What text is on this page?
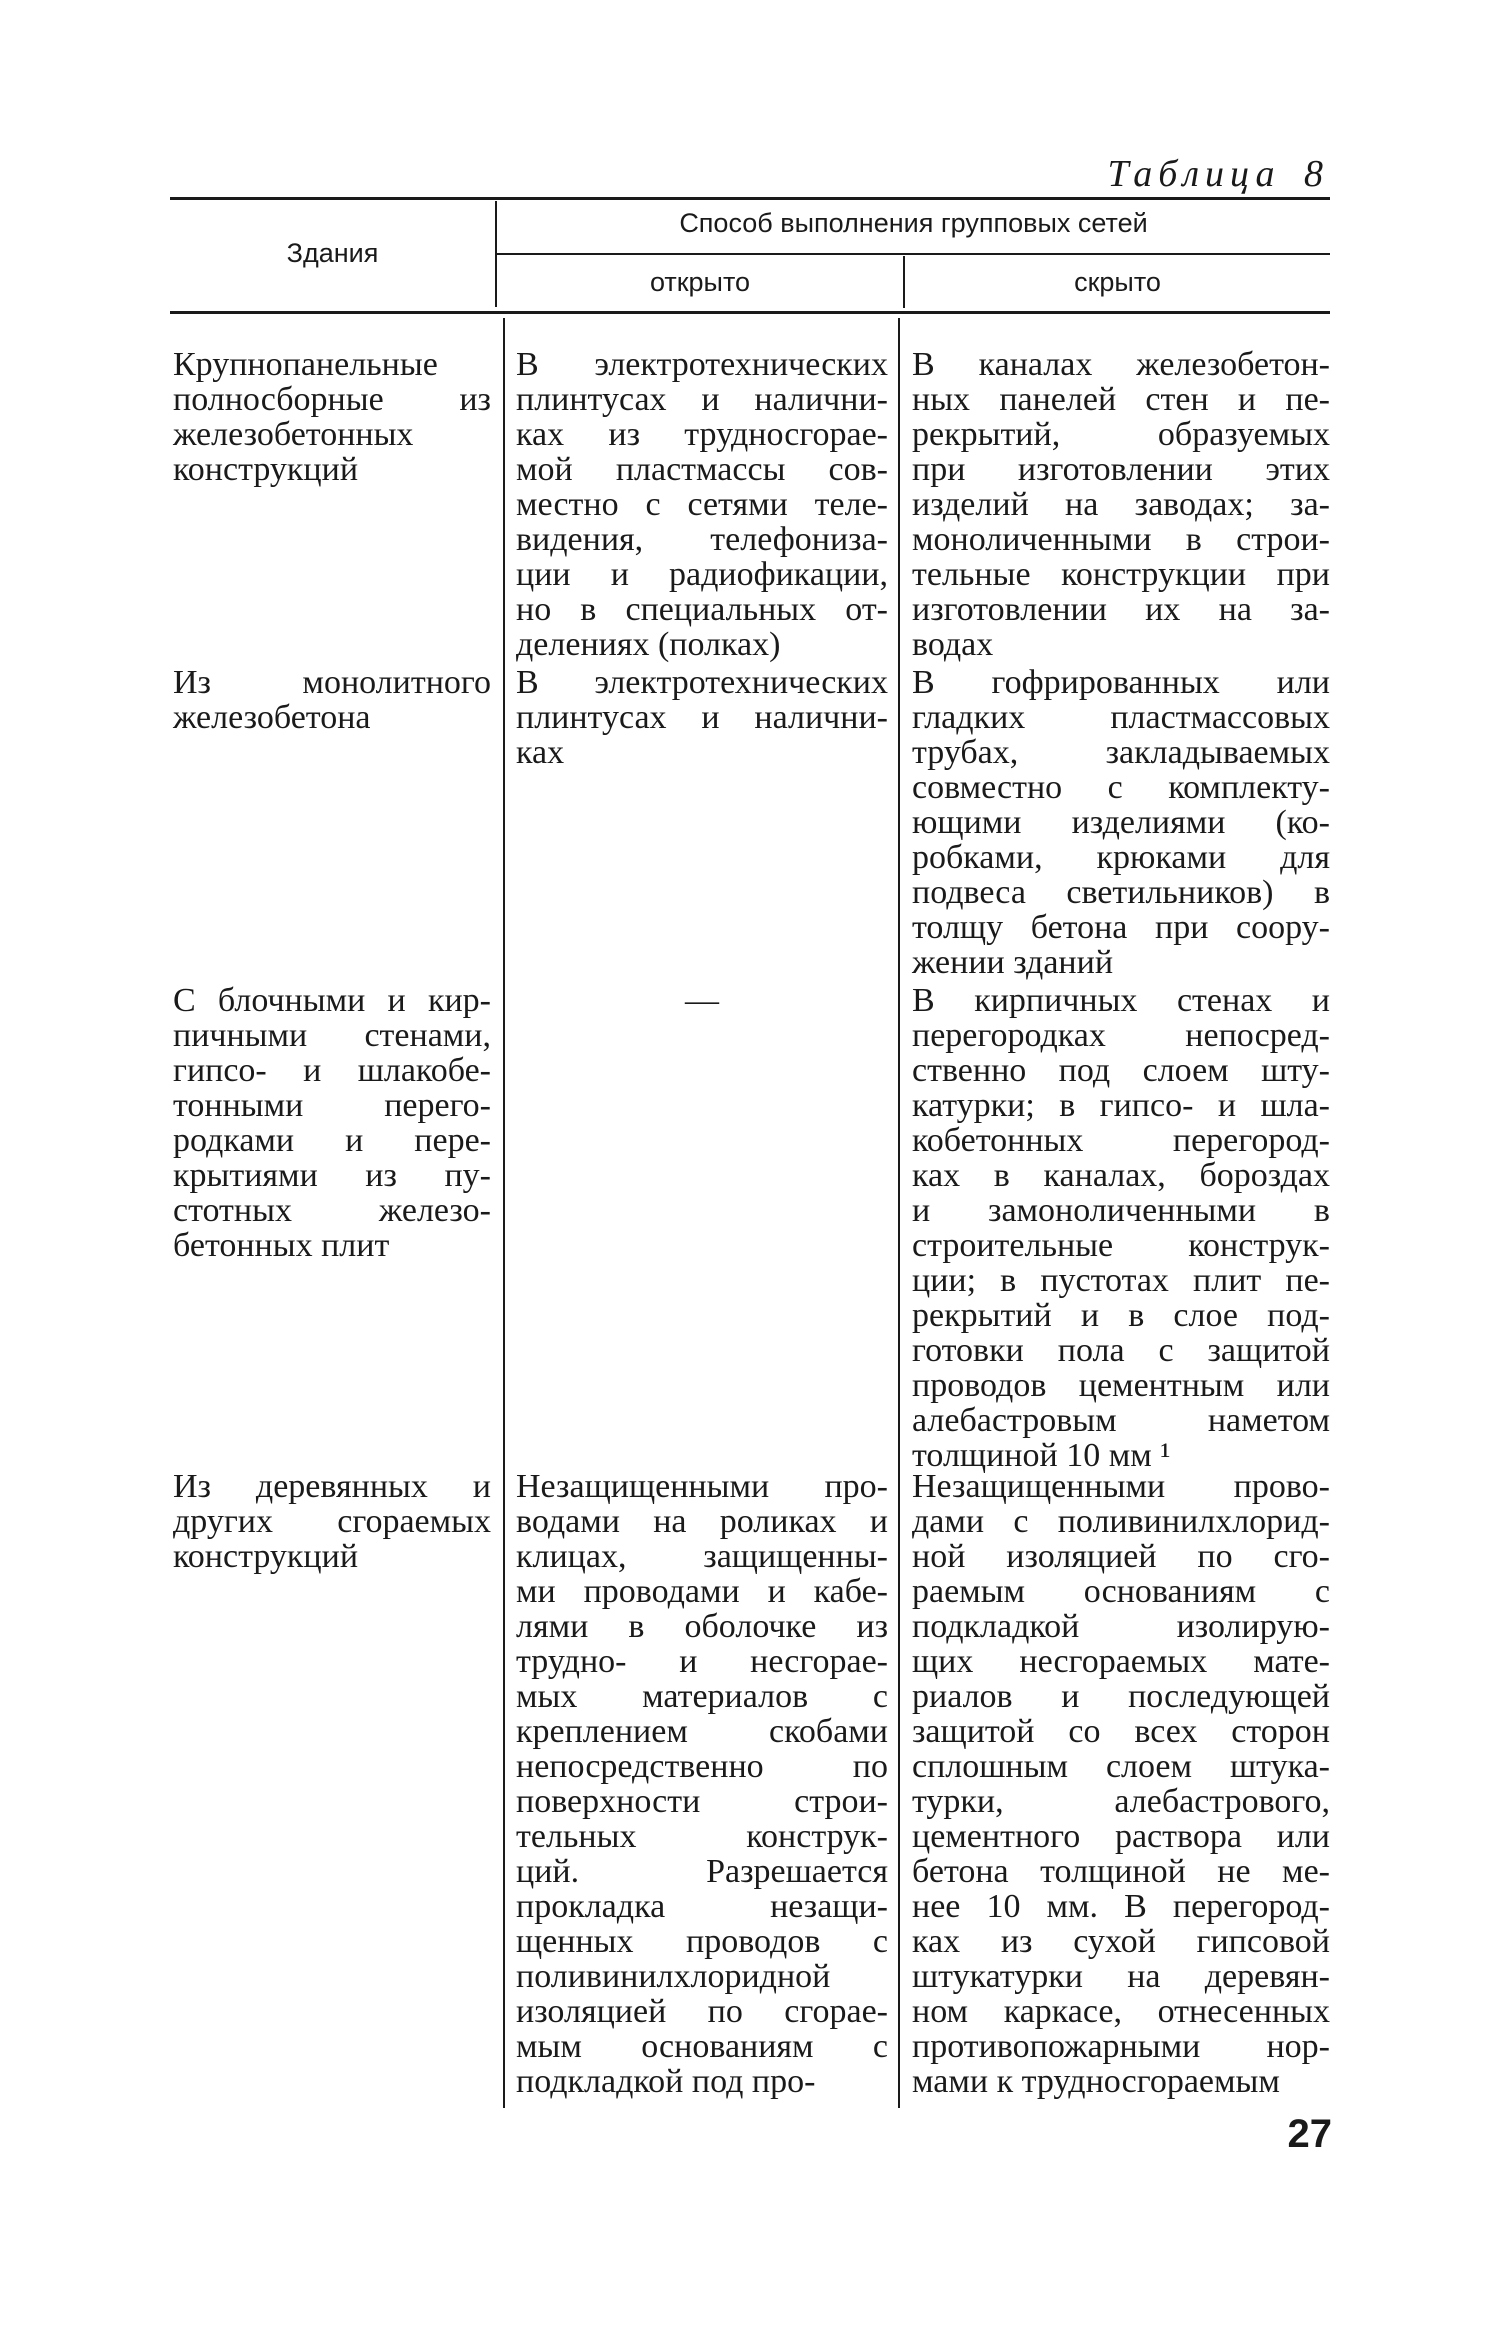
Таблица 8
Здания
Способ выполнения групповых сетей
открыто	скрыто
Крупнопанельные
полносборные из
железобетонных
конструкций
В электротехнических
плинтусах и налични-
ках из трудносгорае-
мой пластмассы сов-
местно с сетями теле-
видения, телефониза-
ции и радиофикации,
но в специальных от-
делениях (полках)
В каналах железобетон-
ных панелей стен и пе-
рекрытий, образуемых
при изготовлении этих
изделий на заводах; за-
моноличенными в строи-
тельные конструкции при
изготовлении их на за-
водах
Из монолитного
железобетона
В электротехнических
плинтусах и налични-
ках
В гофрированных или
гладких пластмассовых
трубах, закладываемых
совместно с комплекту-
ющими изделиями (ко-
робками, крюками для
подвеса светильников) в
толщу бетона при соору-
жении зданий
С блочными и кир-
пичными стенами,
гипсо- и шлакобе-
тонными перего-
родками и пере-
крытиями из пу-
стотных железо-
бетонных плит
—	В кирпичных стенах и
перегородках непосред-
ственно под слоем шту-
катурки; в гипсо- и шла-
кобетонных перегород-
ках в каналах, бороздах
и замоноличенными в
строительные конструк-
ции; в пустотах плит пе-
рекрытий и в слое под-
готовки пола с защитой
проводов цементным или
алебастровым наметом
толщиной 10 мм ¹
Из деревянных и
других сгораемых
конструкций
Незащищенными про-
водами на роликах и
клицах, защищенны-
ми проводами и кабе-
лями в оболочке из
трудно- и несгорае-
мых материалов с
креплением скобами
непосредственно по
поверхности строи-
тельных конструк-
ций. Разрешается
прокладка незащи-
щенных проводов с
поливинилхлоридной
изоляцией по сгорае-
мым основаниям с
подкладкой под про-
Незащищенными прово-
дами с поливинилхлорид-
ной изоляцией по сго-
раемым основаниям с
подкладкой изолирую-
щих несгораемых мате-
риалов и последующей
защитой со всех сторон
сплошным слоем штука-
турки, алебастрового,
цементного раствора или
бетона толщиной не ме-
нее 10 мм. В перегород-
ках из сухой гипсовой
штукатурки на деревян-
ном каркасе, отнесенных
противопожарными нор-
мами к трудносгораемым
27
